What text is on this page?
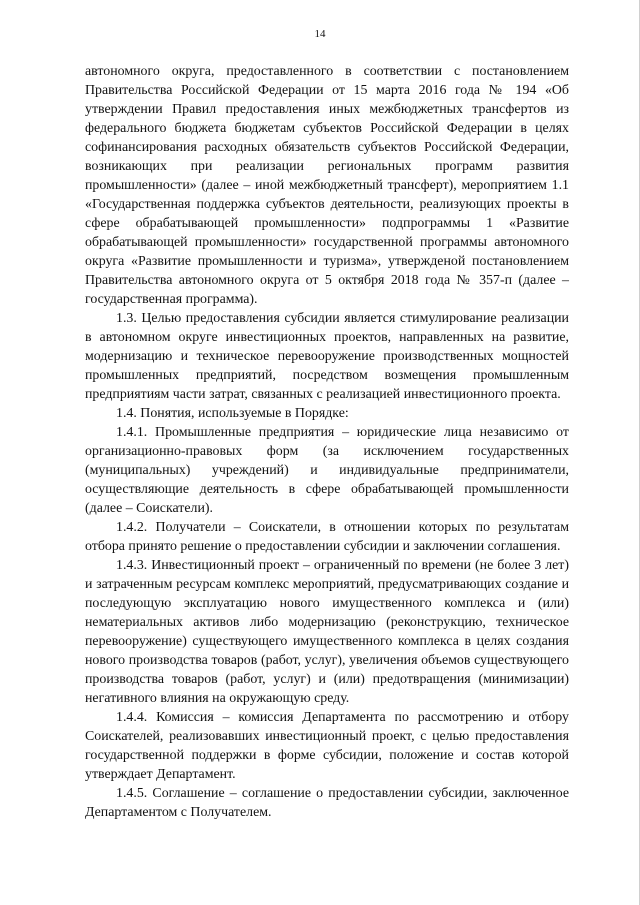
14

автономного округа, предоставленного в соответствии с постановлением Правительства Российской Федерации от 15 марта 2016 года № 194 «Об утверждении Правил предоставления иных межбюджетных трансфертов из федерального бюджета бюджетам субъектов Российской Федерации в целях софинансирования расходных обязательств субъектов Российской Федерации, возникающих при реализации региональных программ развития промышленности» (далее – иной межбюджетный трансферт), мероприятием 1.1 «Государственная поддержка субъектов деятельности, реализующих проекты в сфере обрабатывающей промышленности» подпрограммы 1 «Развитие обрабатывающей промышленности» государственной программы автономного округа «Развитие промышленности и туризма», утвержденой постановлением Правительства автономного округа от 5 октября 2018 года № 357-п (далее – государственная программа).

1.3. Целью предоставления субсидии является стимулирование реализации в автономном округе инвестиционных проектов, направленных на развитие, модернизацию и техническое перевооружение производственных мощностей промышленных предприятий, посредством возмещения промышленным предприятиям части затрат, связанных с реализацией инвестиционного проекта.

1.4. Понятия, используемые в Порядке:

1.4.1. Промышленные предприятия – юридические лица независимо от организационно-правовых форм (за исключением государственных (муниципальных) учреждений) и индивидуальные предприниматели, осуществляющие деятельность в сфере обрабатывающей промышленности (далее – Соискатели).

1.4.2. Получатели – Соискатели, в отношении которых по результатам отбора принято решение о предоставлении субсидии и заключении соглашения.

1.4.3. Инвестиционный проект – ограниченный по времени (не более 3 лет) и затраченным ресурсам комплекс мероприятий, предусматривающих создание и последующую эксплуатацию нового имущественного комплекса и (или) нематериальных активов либо модернизацию (реконструкцию, техническое перевооружение) существующего имущественного комплекса в целях создания нового производства товаров (работ, услуг), увеличения объемов существующего производства товаров (работ, услуг) и (или) предотвращения (минимизации) негативного влияния на окружающую среду.

1.4.4. Комиссия – комиссия Департамента по рассмотрению и отбору Соискателей, реализовавших инвестиционный проект, с целью предоставления государственной поддержки в форме субсидии, положение и состав которой утверждает Департамент.

1.4.5. Соглашение – соглашение о предоставлении субсидии, заключенное Департаментом с Получателем.
